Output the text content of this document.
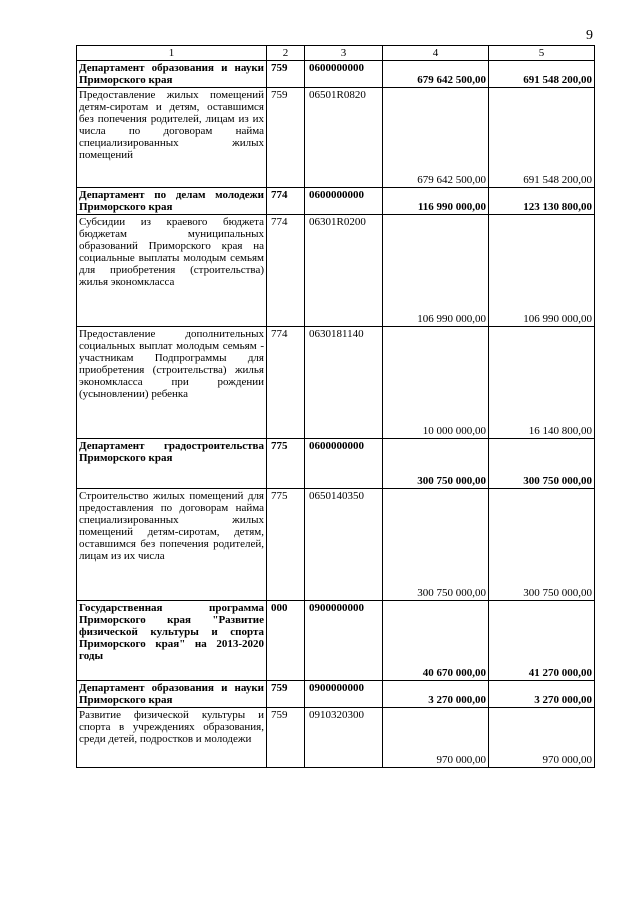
9
1	2	3	4	5
Департамент образования и науки Приморского края	759	0600000000	679 642 500,00	691 548 200,00
Предоставление жилых помещений детям-сиротам и детям, оставшимся без попечения родителей, лицам из их числа по договорам найма специализированных жилых помещений	759	06501R0820	679 642 500,00	691 548 200,00
Департамент по делам молодежи Приморского края	774	0600000000	116 990 000,00	123 130 800,00
Субсидии из краевого бюджета бюджетам муниципальных образований Приморского края на социальные выплаты молодым семьям для приобретения (строительства) жилья экономкласса	774	06301R0200	106 990 000,00	106 990 000,00
Предоставление дополнительных социальных выплат молодым семьям - участникам Подпрограммы для приобретения (строительства) жилья экономкласса при рождении (усыновлении) ребенка	774	0630181140	10 000 000,00	16 140 800,00
Департамент градостроительства Приморского края	775	0600000000	300 750 000,00	300 750 000,00
Строительство жилых помещений для предоставления по договорам найма специализированных жилых помещений детям-сиротам, детям, оставшимся без попечения родителей, лицам из их числа	775	0650140350	300 750 000,00	300 750 000,00
Государственная программа Приморского края "Развитие физической культуры и спорта Приморского края" на 2013-2020 годы	000	0900000000	40 670 000,00	41 270 000,00
Департамент образования и науки Приморского края	759	0900000000	3 270 000,00	3 270 000,00
Развитие физической культуры и спорта в учреждениях образования, среди детей, подростков и молодежи	759	0910320300	970 000,00	970 000,00
